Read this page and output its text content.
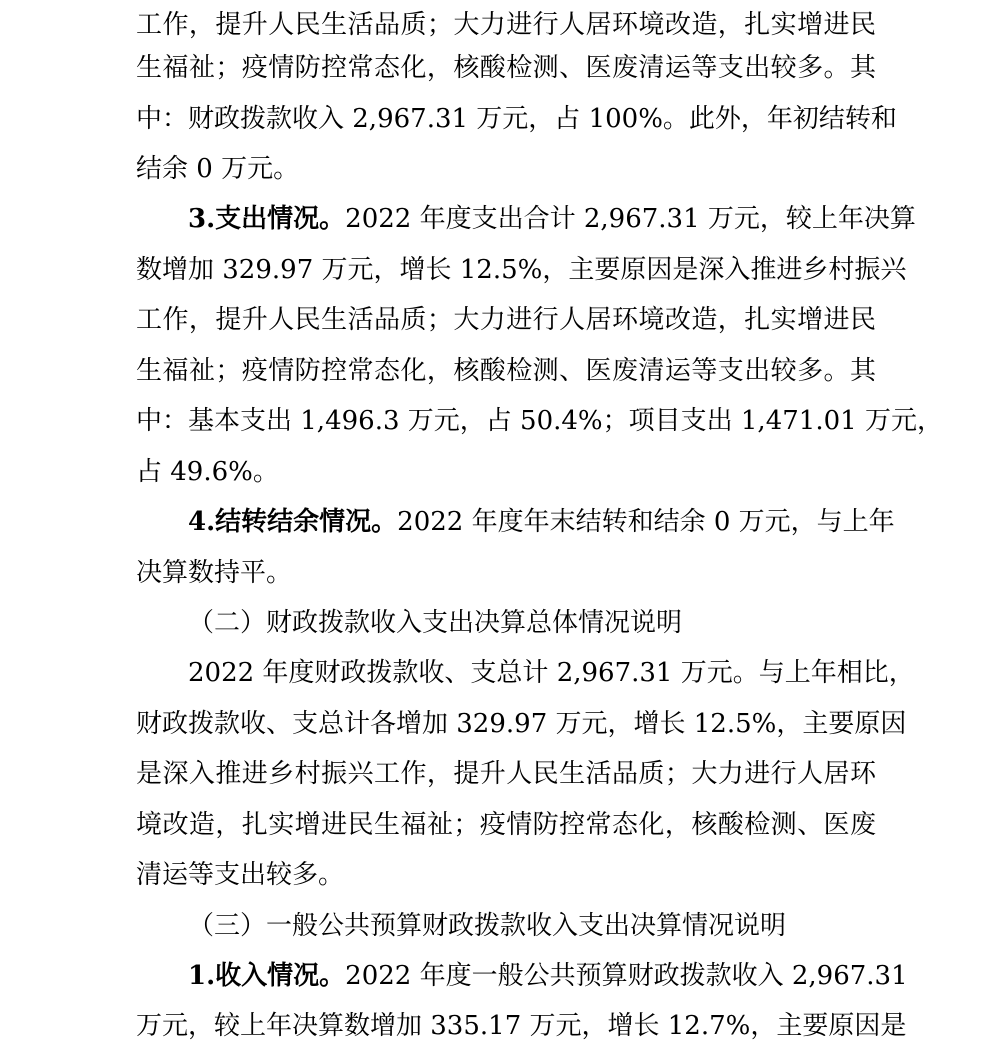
工作，提升人民生活品质；大力进行人居环境改造，扎实增进民
生福祉；疫情防控常态化，核酸检测、医废清运等支出较多。其
中：财政拨款收入 2,967.31 万元，占 100%。此外，年初结转和
结余 0 万元。
3.支出情况。2022 年度支出合计 2,967.31 万元，较上年决算
数增加 329.97 万元，增长 12.5%，主要原因是深入推进乡村振兴
工作，提升人民生活品质；大力进行人居环境改造，扎实增进民
生福祉；疫情防控常态化，核酸检测、医废清运等支出较多。其
中：基本支出 1,496.3 万元，占 50.4%；项目支出 1,471.01 万元，
占 49.6%。
4.结转结余情况。2022 年度年末结转和结余 0 万元，与上年
决算数持平。
（二）财政拨款收入支出决算总体情况说明
2022 年度财政拨款收、支总计 2,967.31 万元。与上年相比，
财政拨款收、支总计各增加 329.97 万元，增长 12.5%，主要原因
是深入推进乡村振兴工作，提升人民生活品质；大力进行人居环
境改造，扎实增进民生福祉；疫情防控常态化，核酸检测、医废
清运等支出较多。
（三）一般公共预算财政拨款收入支出决算情况说明
1.收入情况。2022 年度一般公共预算财政拨款收入 2,967.31
万元，较上年决算数增加 335.17 万元，增长 12.7%，主要原因是
